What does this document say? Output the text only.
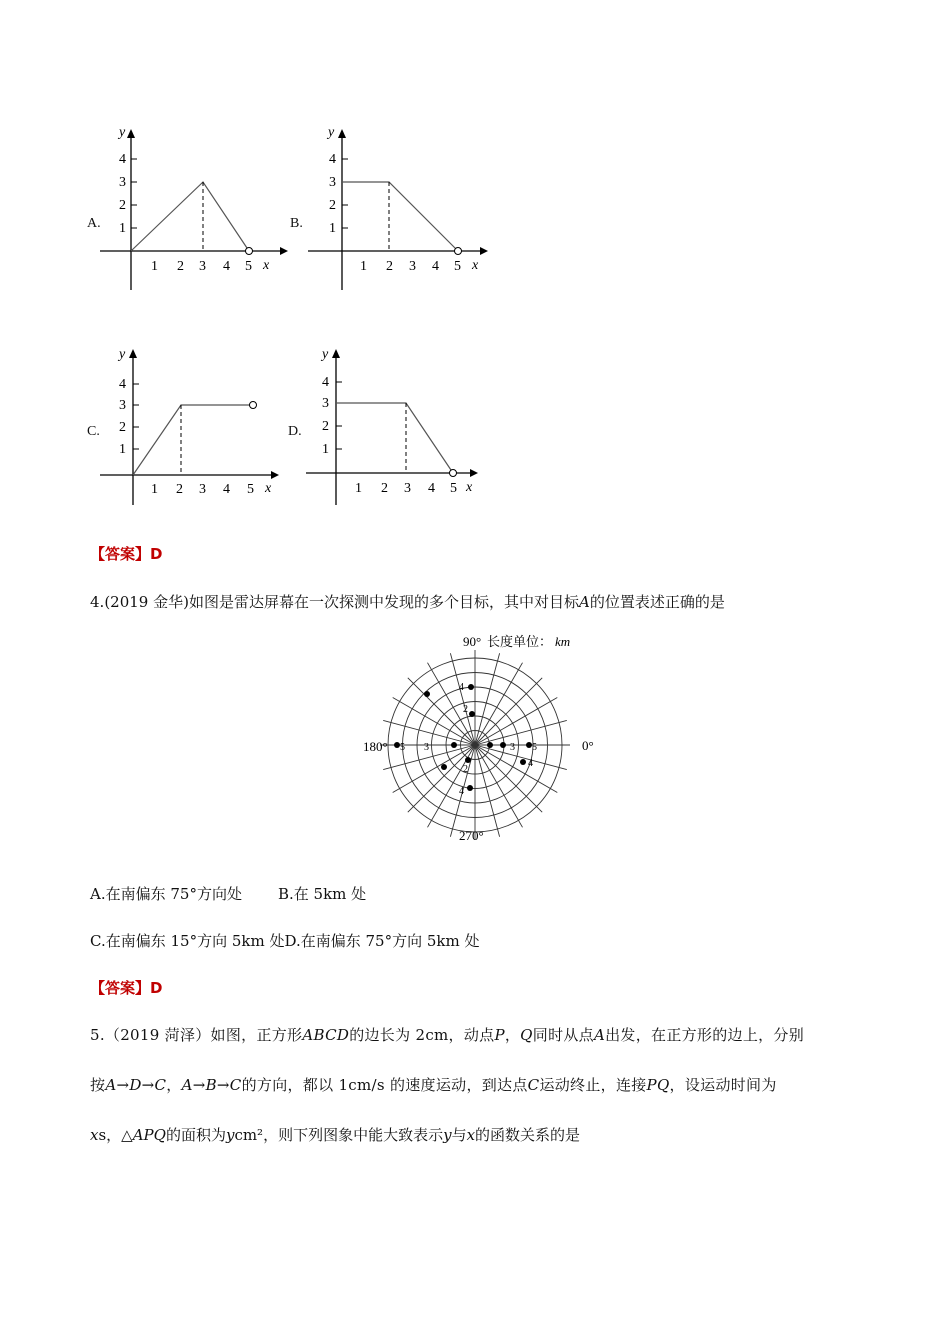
A. 1
2
3
4
y
1 2 3 4 5 x
B. 1
2
3
4
y
1 2 3 4 5 x
C.
1
2
3
4
y
1 2 3 4 5 x
D.
1
2
3
4
y
1 2 3 4 5 x
【答案】D
4.(2019 金华)如图是雷达屏幕在一次探测中发现的多个目标，其中对目标A的位置表述正确的是
90° 长度单位： km
180°	0°
270°
5 3	3 5
4
2
2
4
4
A.在南偏东 75°方向处 B.在 5km 处
C.在南偏东 15°方向 5km 处D.在南偏东 75°方向 5km 处
【答案】D
5.（2019 菏泽）如图，正方形ABCD的边长为 2cm，动点P，Q同时从点A出发，在正方形的边上，分别
按A→D→C，A→B→C的方向，都以 1cm/s 的速度运动，到达点C运动终止，连接PQ，设运动时间为
xs，△APQ的面积为ycm²，则下列图象中能大致表示y与x的函数关系的是
